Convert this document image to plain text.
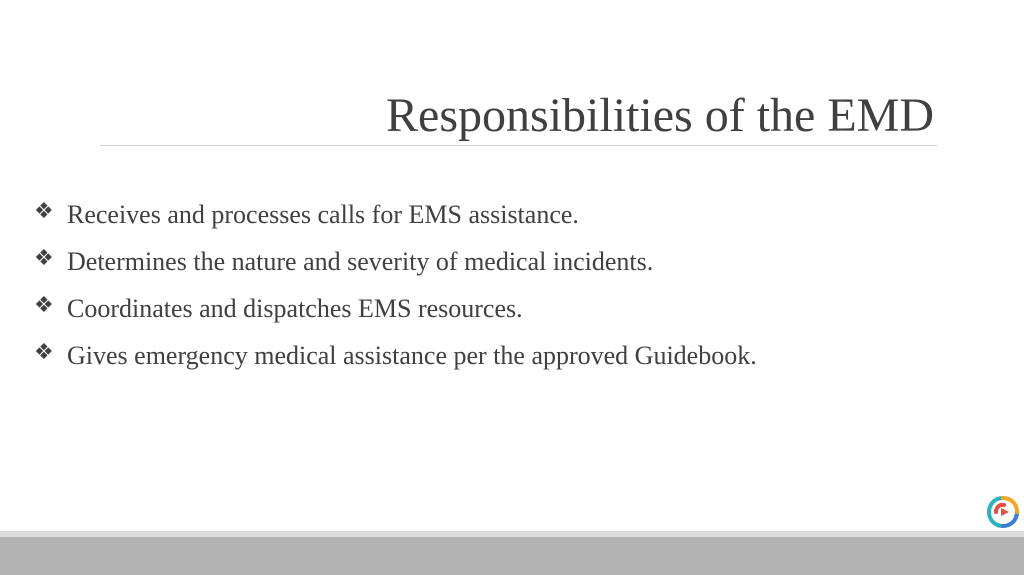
Responsibilities of the EMD
❖ Receives and processes calls for EMS assistance.
❖ Determines the nature and severity of medical incidents.
❖ Coordinates and dispatches EMS resources.
❖ Gives emergency medical assistance per the approved Guidebook.
